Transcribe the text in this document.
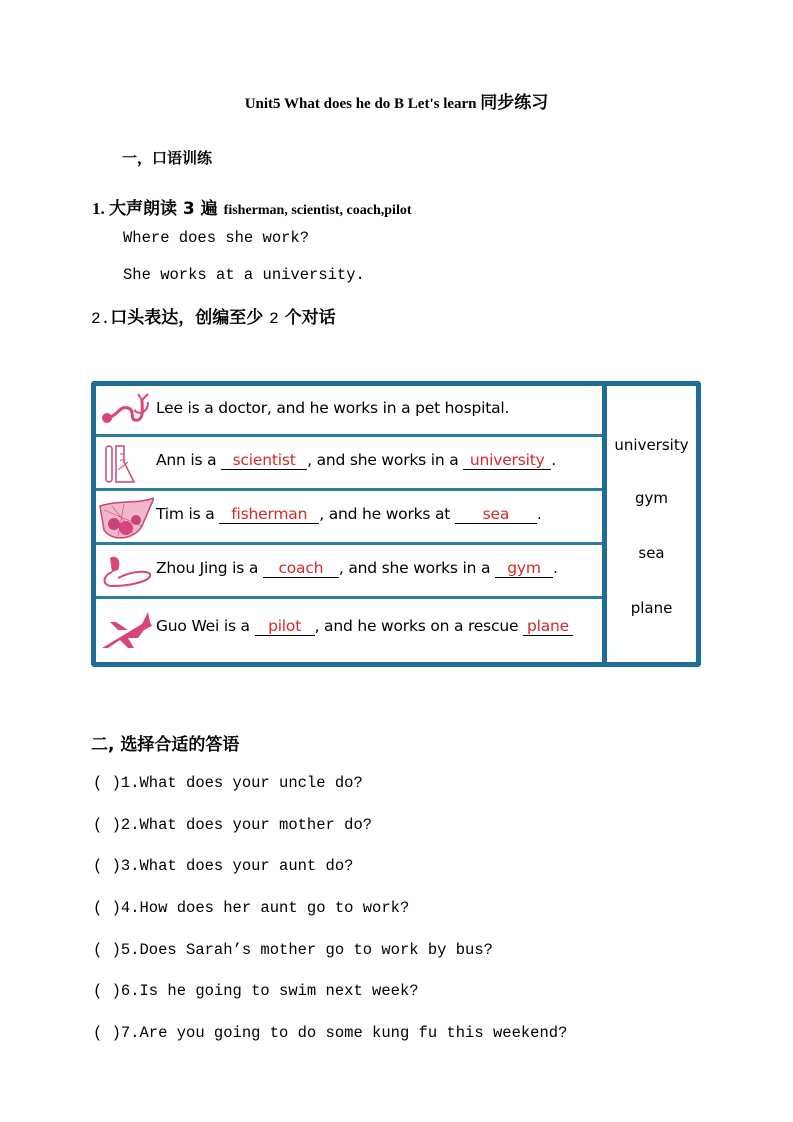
Unit5 What does he do B Let's learn 同步练习
一，口语训练
1. 大声朗读 3 遍 fisherman, scientist, coach,pilot
Where does she work?
She works at a university.
2.口头表达，创编至少 2 个对话
Lee is a doctor, and he works in a pet hospital.
Ann is a scientist , and she works in a university .
Tim is a fisherman , and he works at sea .
Zhou Jing is a coach , and she works in a gym .
Guo Wei is a pilot , and he works on a rescue plane
university
gym
sea
plane
二, 选择合适的答语
( )1.What does your uncle do?
( )2.What does your mother do?
( )3.What does your aunt do?
( )4.How does her aunt go to work?
( )5.Does Sarah’s mother go to work by bus?
( )6.Is he going to swim next week?
( )7.Are you going to do some kung fu this weekend?
